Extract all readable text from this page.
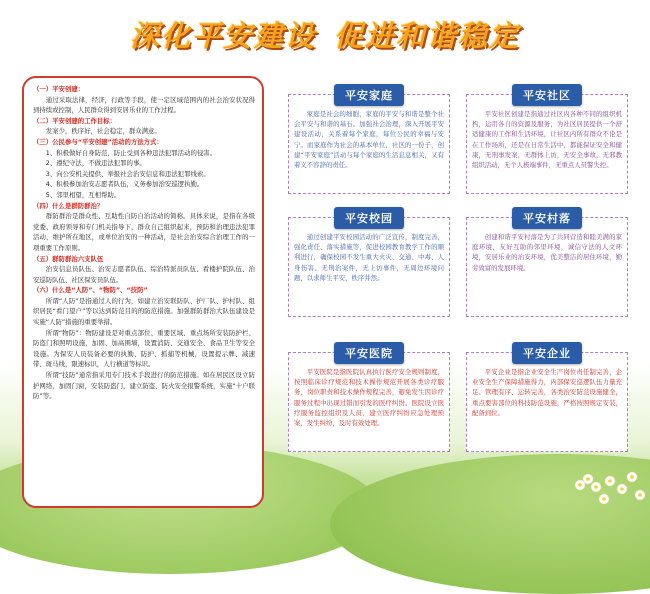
深化平安建设 促进和谐稳定

（一）平安创建：

通过采取法律，经济，行政等手段，使一定区域范围内的社会治安状况得到持续或控制，人民群众得到安居乐业的工作过程。

（二）平安创建的工作目标：

发案少，秩序好，社会稳定，群众满意。

（三）公民参与“平安创建”活动的方法方式：

1、积极做好自身防范，防止受到各种违法犯罪活动的侵害。

2、遵纪守法，不做违法犯罪的事。

3、向公安机关提供、举报社会治安信息和违法犯罪线索。

4、积极参加治安志愿者队伍，义务参加治安巡逻执勤。

5、邻里相望，互相帮助。

（四）什么是群防群治？

群防群治是群众性、互助性自防自治活动的简称。具体来说，是指在各级党委、政府领导和专门机关指导下，群众自己组织起来，预防和治理违法犯罪活动，维护所在地区，或单位治安的一种活动，是社会治安综合治理工作的一项重要工作原则。

（五）群防群治六支队伍

治安信息员队伍、治安志愿者队伍、综治特派员队伍、看楼护院队伍、治安巡防队伍、社区保安员队伍。

（六）什么是“人防”、“物防”、“技防”

所谓“人防”是指通过人的行为，如建立治安联防队、护厂队、护村队、组织居民“看门望户”等以达到防范目的的防范措施。加强群防群治大队伍建设是实施“人防”措施的重要举措。

所谓“物防”：物防建设是对重点部位、重要区域、重点场所安装防护栏、防盗门和照明设施，加固、加高围墙，设置消防、交通安全、食品卫生等安全设施。为保安人员装备必要的执勤、防护、抓捕等机械，设置提示牌、减速带、斑马线，限速标识，人行横道等标识。

所谓“技防”通常指采用专门技术手段进行的防范措施。如在居民区设立防护网络，加固门窗，安装防盗门，建立防盗、防火安全报警系统，实施“十户联防”等。

平安家庭

家庭是社会的细胞，家庭的平安与和谐是整个社会平安与和谐的基石。加强社会治理，深入开展平安建设活动，关系着每个家庭，每位公民的幸福与安宁。而家庭作为社会的基本单位，社区的一份子，创建“平安家庭”活动与每个家庭的生活息息相关，又有着义不容辞的责任。

平安社区

平安社区创建是指通过社区内各种不同的组织机构，运用各自的资源及服务，为社区居民提供一个舒适健康的工作和生活环境，让社区内所有群众不论是在工作场所，还是在日常生活中，都能保证安全和健康，无刑事发案，无群体上访，无安全事故，无邪教组织活动，无个人极端事件，无重点人员警失控。

平安校园

通过创建平安校园活动的广泛宣传，制度完善，强化责任、落实措施等，促进校园教育教学工作的顺利进行，确保校园不发生重大火灾、交通、中毒、人身伤害、无刑治案件，无上访事件，无周边环境问题，以求师生平安，秩序井然。

平安村落

创建和谐平安村落是为了共同营造和睦美满的家庭环境，友好互助的邻里环境，诚信守法的人文环境，安居乐业的治安环境，优美整洁的居住环境，勤劳致富的发展环境。

平安医院

平安医院是指医院认真执行医疗安全规则制度，按照临床诊疗规范和技术操作规范开展各类诊疗服务，岗位职责和技术操作规程完善，避免发生因诊疗服务过程中出现过错而引发的医疗纠纷。医院设立医疗服务监控组织及人员，建立医疗纠纷应急处理预案，发生纠纷，及时有效处理。

平安企业

平安企业是指企业安全生产岗位责任制完善，企业安全生产保障措施得力，内部保安巡逻队伍力量充足、管理有序、运转完善，各类治安防范设施健全，重点要害部位的科技防范设施，严格按照规定安装，配备到位。
